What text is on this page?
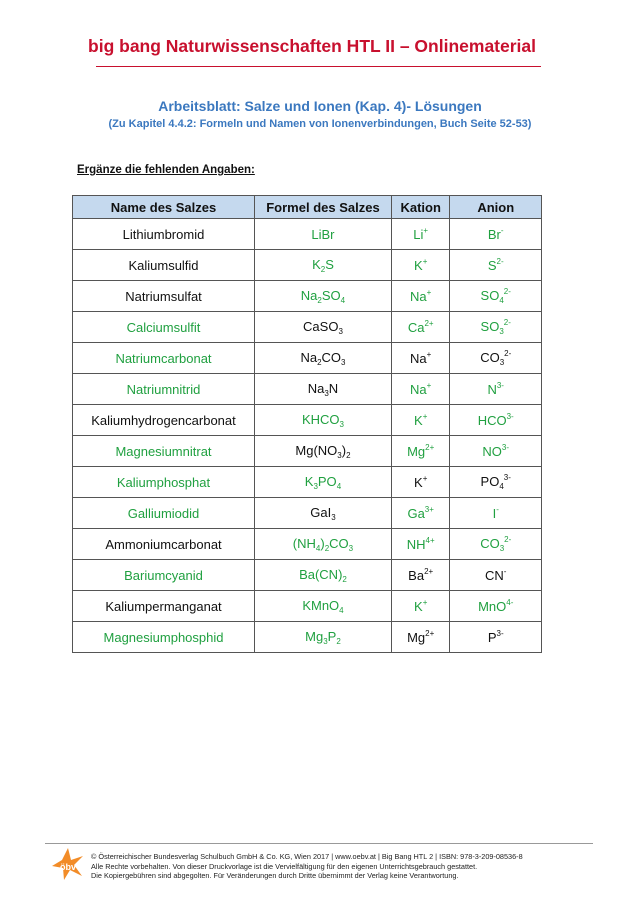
big bang Naturwissenschaften HTL II – Onlinematerial
Arbeitsblatt: Salze und Ionen (Kap. 4)- Lösungen
(Zu Kapitel 4.4.2: Formeln und Namen von Ionenverbindungen, Buch Seite 52-53)
Ergänze die fehlenden Angaben:
Name des Salzes	Formel des Salzes	Kation	Anion
Lithiumbromid	LiBr	Li+	Br-
Kaliumsulfid	$K_2S$	K+	$S^{2-}$
Natriumsulfat	$Na_2SO_4$	Na+	$SO_4^{2-}$
Calciumsulfit	CaSO$_3$	$Ca^{2+}$	$SO_3^{2-}$
Natriumcarbonat	$Na_2CO_3$	Na+	$CO_3^{2-}$
Natriumnitrid	$Na_3N$	Na+	$N^{3-}$
Kaliumhydrogencarbonat	$KHCO_3$	K+	$HCO^{3-}$
Magnesiumnitrat	$Mg(NO_3)_2$	$Mg^{2+}$	$NO^{3-}$
Kaliumphosphat	$K_3PO_4$	K+	$PO_4^{3-}$
Galliumiodid	GaI$_3$	$Ga^{3+}$	I-
Ammoniumcarbonat	$(NH_4)_2CO_3$	$NH^{4+}$	$CO_3^{2-}$
Bariumcyanid	$Ba(CN)_2$	$Ba^{2+}$	CN-
Kaliumpermanganat	KMnO$_4$	K+	MnO$^{4-}$
Magnesiumphosphid	$Mg_3P_2$	$Mg^{2+}$	$P^{3-}$
öbv
© Österreichischer Bundesverlag Schulbuch GmbH & Co. KG, Wien 2017 | www.oebv.at | Big Bang HTL 2 | ISBN: 978-3-209-08536-8
Alle Rechte vorbehalten. Von dieser Druckvorlage ist die Vervielfältigung für den eigenen Unterrichtsgebrauch gestattet.
Die Kopiergebühren sind abgegolten. Für Veränderungen durch Dritte übernimmt der Verlag keine Verantwortung.
